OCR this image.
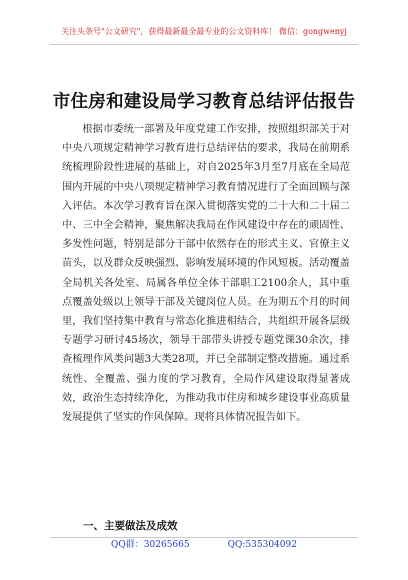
关注头条号"公文研究"，获得最新最全最专业的公文资料库！ 微信：gongwenyj
市住房和建设局学习教育总结评估报告

根据市委统一部署及年度党建工作安排，按照组织部关于对中央八项规定精神学习教育进行总结评估的要求，我局在前期系统梳理阶段性进展的基础上，对自2025年3月至7月底在全局范围内开展的中央八项规定精神学习教育情况进行了全面回顾与深入评估。本次学习教育旨在深入贯彻落实党的二十大和二十届二中、三中全会精神，聚焦解决我局在作风建设中存在的顽固性、多发性问题，特别是部分干部中依然存在的形式主义、官僚主义苗头，以及群众反映强烈、影响发展环境的作风短板。活动覆盖全局机关各处室、局属各单位全体干部职工2100余人，其中重点覆盖处级以上领导干部及关键岗位人员。在为期五个月的时间里，我们坚持集中教育与常态化推进相结合，共组织开展各层级专题学习研讨45场次，领导干部带头讲授专题党课30余次，排查梳理作风类问题3大类28项，并已全部制定整改措施。通过系统性、全覆盖、强力度的学习教育，全局作风建设取得显著成效，政治生态持续净化，为推动我市住房和城乡建设事业高质量发展提供了坚实的作风保障。现将具体情况报告如下。

一、主要做法及成效
QQ群：30265665	QQ:535304092
